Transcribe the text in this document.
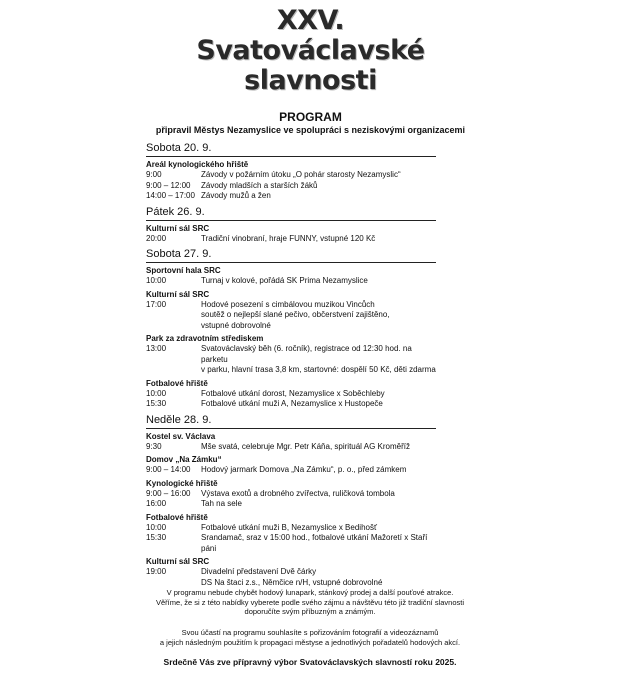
XXV.
Svatováclavské
slavnosti
PROGRAM
připravil Městys Nezamyslice ve spolupráci s neziskovými organizacemi
Sobota 20. 9.
Areál kynologického hřiště
9:00	Závody v požárním útoku „O pohár starosty Nezamyslic“
9:00 – 12:00	Závody mladších a starších žáků
14:00 – 17:00 Závody mužů a žen
Pátek 26. 9.
Kulturní sál SRC
20:00	Tradiční vinobraní, hraje FUNNY, vstupné 120 Kč
Sobota 27. 9.
Sportovní hala SRC
10:00	Turnaj v kolové, pořádá SK Prima Nezamyslice
Kulturní sál SRC
17:00	Hodové posezení s cimbálovou muzikou Vincůch
soutěž o nejlepší slané pečivo, občerstvení zajištěno,
vstupné dobrovolné
Park za zdravotním střediskem
13:00	Svatováclavský běh (6. ročník), registrace od 12:30 hod. na parketu
v parku, hlavní trasa 3,8 km, startovné: dospělí 50 Kč, děti zdarma
Fotbalové hřiště
10:00	Fotbalové utkání dorost, Nezamyslice x Soběchleby
15:30	Fotbalové utkání muži A, Nezamyslice x Hustopeče
Neděle 28. 9.
Kostel sv. Václava
9:30	Mše svatá, celebruje Mgr. Petr Káňa, spirituál AG Kroměříž
Domov „Na Zámku“
9:00 – 14:00	Hodový jarmark Domova „Na Zámku“, p. o., před zámkem
Kynologické hřiště
9:00 – 16:00	Výstava exotů a drobného zvířectva, ruličková tombola
16:00	Tah na sele
Fotbalové hřiště
10:00	Fotbalové utkání muži B, Nezamyslice x Bedihošť
15:30	Srandamač, sraz v 15:00 hod., fotbalové utkání Mažoretí x Staří páni
Kulturní sál SRC
19:00	Divadelní představení Dvě čárky
DS Na štaci z.s., Němčice n/H, vstupné dobrovolné
V programu nebude chybět hodový lunapark, stánkový prodej a další pouťové atrakce.
Věříme, že si z této nabídky vyberete podle svého zájmu a návštěvu této již tradiční slavnosti
doporučíte svým příbuzným a známým.
Svou účastí na programu souhlasíte s pořizováním fotografií a videozáznamů
a jejich následným použitím k propagaci městyse a jednotlivých pořadatelů hodových akcí.
Srdečně Vás zve přípravný výbor Svatováclavských slavností roku 2025.
